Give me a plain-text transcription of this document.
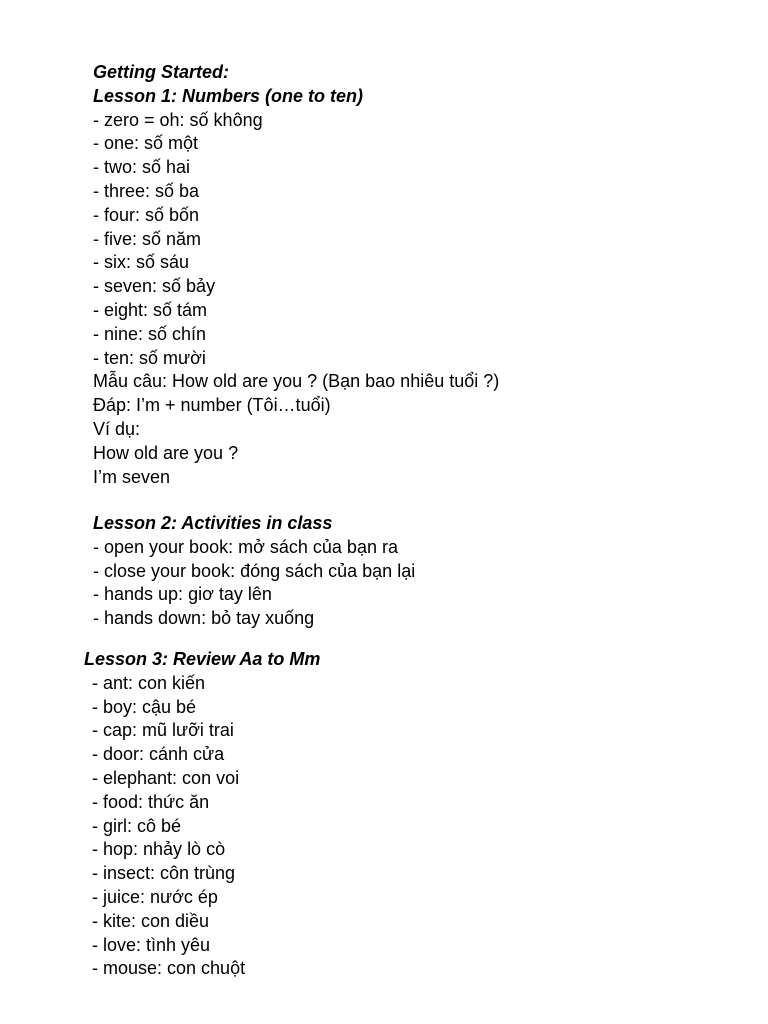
Getting Started:
Lesson 1: Numbers (one to ten)
- zero = oh: số không
- one: số một
- two: số hai
- three: số ba
- four: số bốn
- five: số năm
- six: số sáu
- seven: số bảy
- eight: số tám
- nine: số chín
- ten: số mười
Mẫu câu: How old are you ? (Bạn bao nhiêu tuổi ?)
Đáp: I’m + number (Tôi…tuổi)
Ví dụ:
How old are you ?
I’m seven
Lesson 2: Activities in class
- open your book: mở sách của bạn ra
- close your book: đóng sách của bạn lại
- hands up: giơ tay lên
- hands down: bỏ tay xuống
Lesson 3: Review Aa to Mm
- ant: con kiến
- boy: cậu bé
- cap: mũ lưỡi trai
- door: cánh cửa
- elephant: con voi
- food: thức ăn
- girl: cô bé
- hop: nhảy lò cò
- insect: côn trùng
- juice: nước ép
- kite: con diều
- love: tình yêu
- mouse: con chuột
